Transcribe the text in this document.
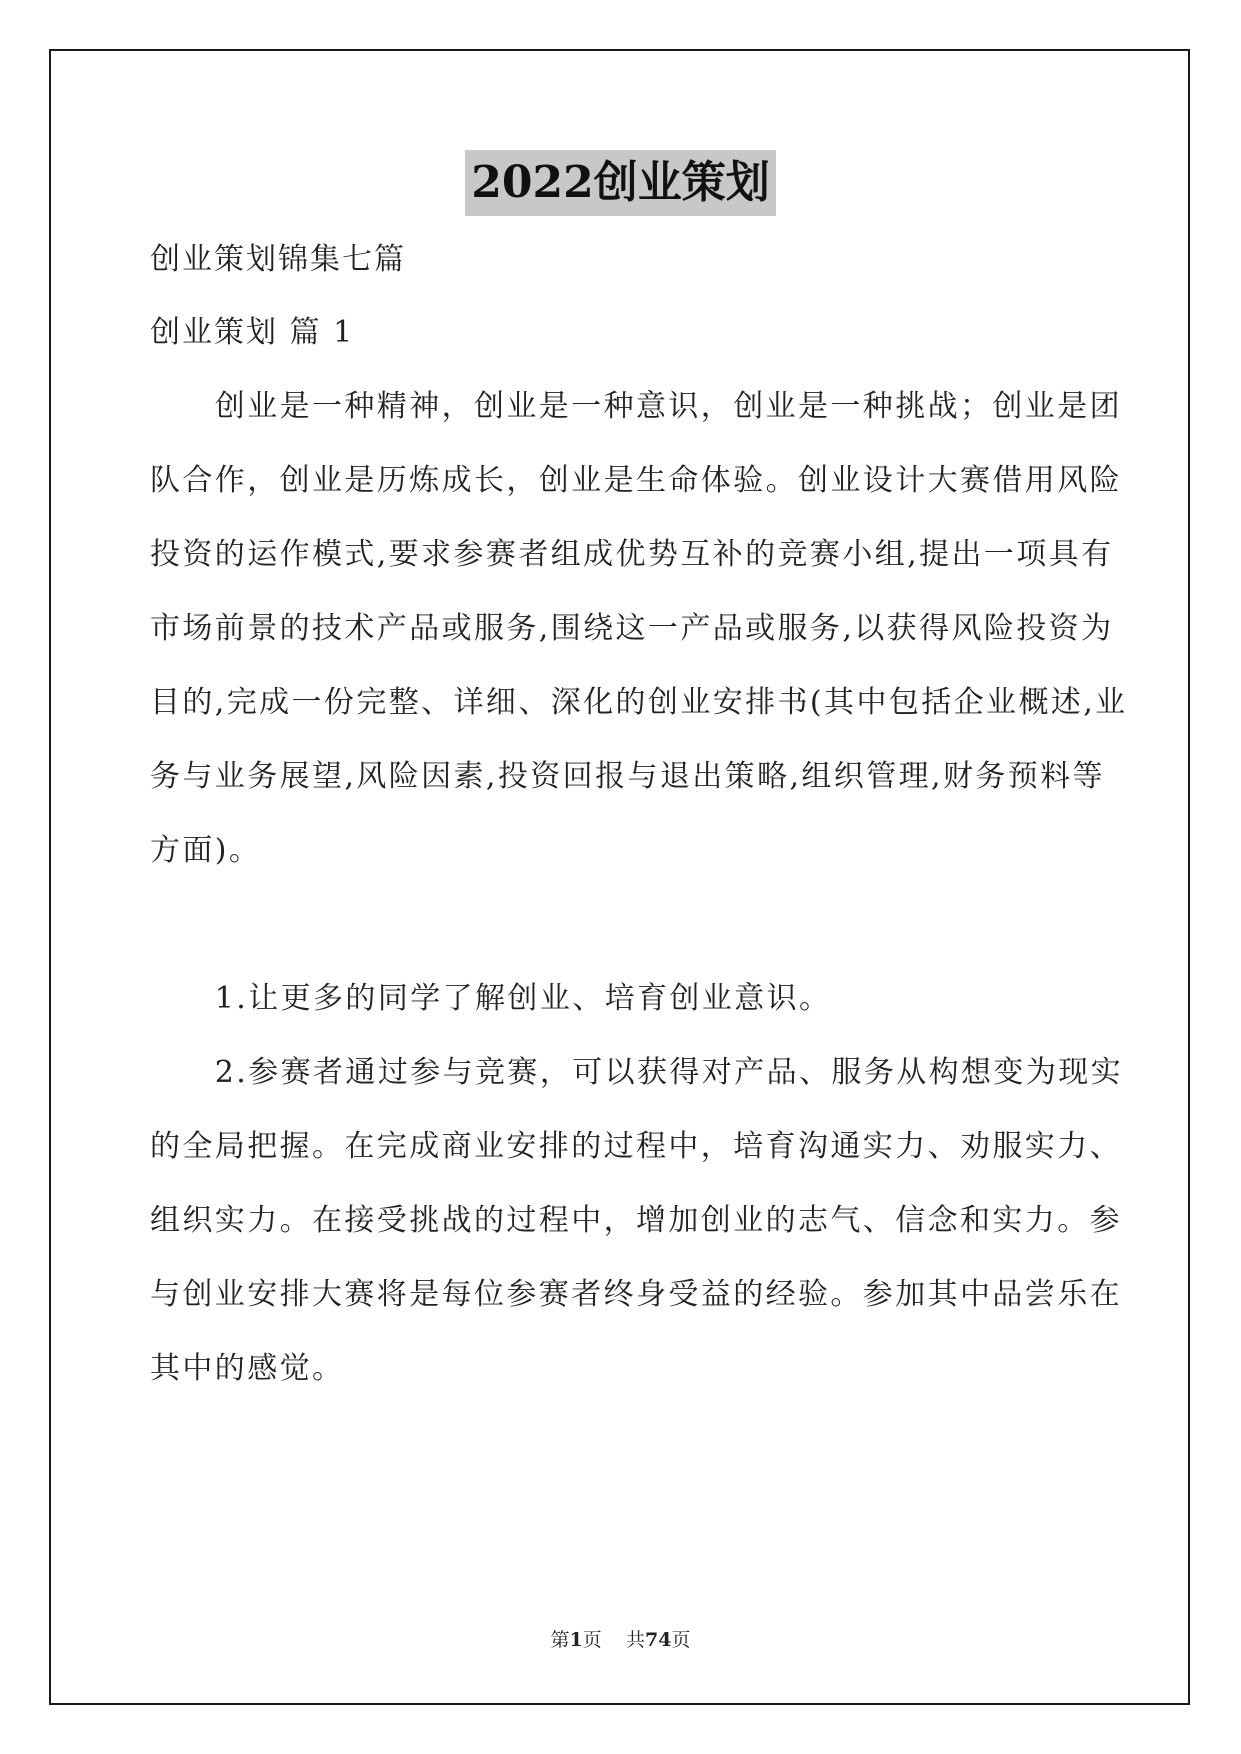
2022创业策划
创业策划锦集七篇
创业策划 篇 1
　　创业是一种精神，创业是一种意识，创业是一种挑战；创业是团
队合作，创业是历炼成长，创业是生命体验。创业设计大赛借用风险
投资的运作模式,要求参赛者组成优势互补的竞赛小组,提出一项具有
市场前景的技术产品或服务,围绕这一产品或服务,以获得风险投资为
目的,完成一份完整、详细、深化的创业安排书(其中包括企业概述,业
务与业务展望,风险因素,投资回报与退出策略,组织管理,财务预料等
方面)。
　　1.让更多的同学了解创业、培育创业意识。
　　2.参赛者通过参与竞赛，可以获得对产品、服务从构想变为现实
的全局把握。在完成商业安排的过程中，培育沟通实力、劝服实力、
组织实力。在接受挑战的过程中，增加创业的志气、信念和实力。参
与创业安排大赛将是每位参赛者终身受益的经验。参加其中品尝乐在
其中的感觉。
第1页 共74页
